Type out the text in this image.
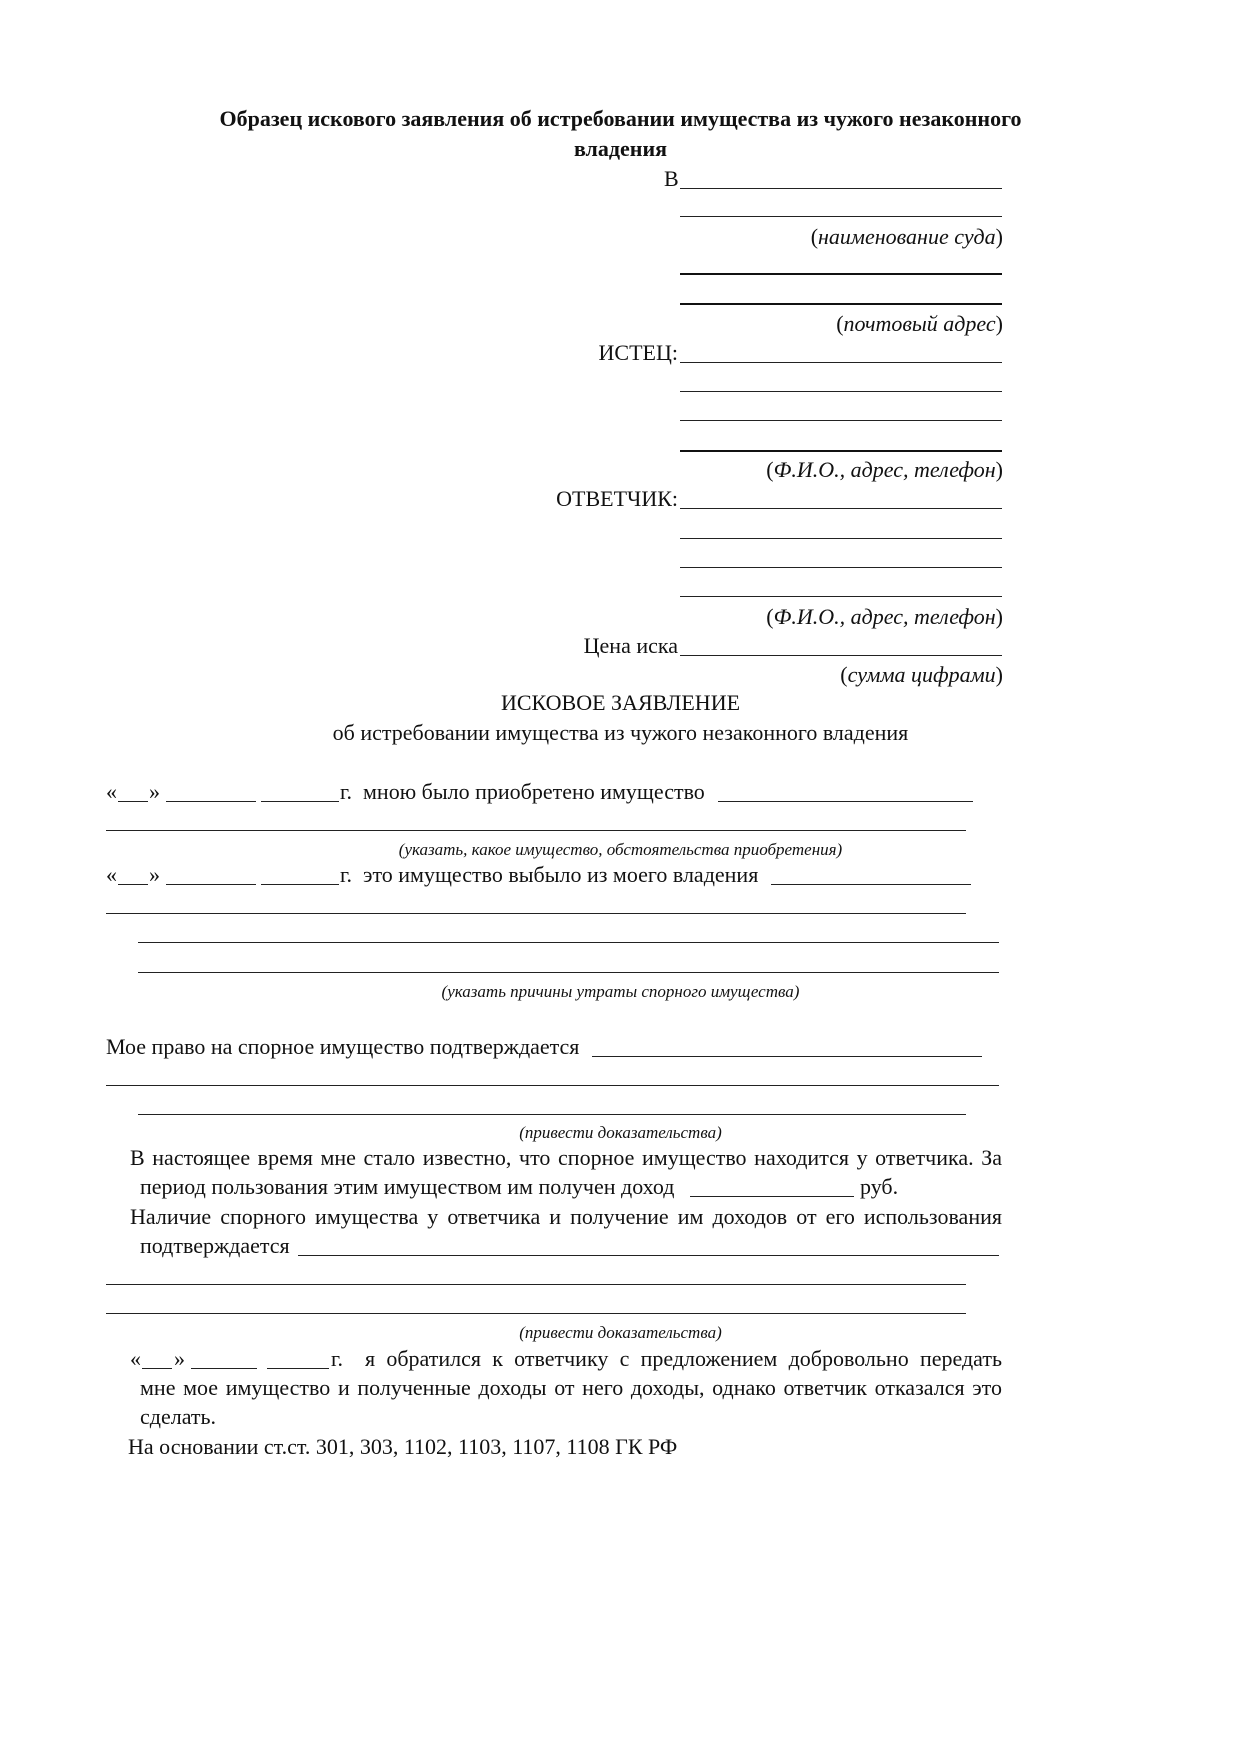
Образец искового заявления об истребовании имущества из чужого незаконного
владения
В
(наименование суда)
(почтовый адрес)
ИСТЕЦ:
(Ф.И.О., адрес, телефон)
ОТВЕТЧИК:
(Ф.И.О., адрес, телефон)
Цена иска
(сумма цифрами)
ИСКОВОЕ ЗАЯВЛЕНИЕ
об истребовании имущества из чужого незаконного владения
« »	г. мною было приобретено имущество
(указать, какое имущество, обстоятельства приобретения)
« »	г. это имущество выбыло из моего владения
(указать причины утраты спорного имущества)
Мое право на спорное имущество подтверждается
(привести доказательства)
В настоящее время мне стало известно, что спорное имущество находится у ответчика. За
период пользования этим имуществом им получен доход	руб.
Наличие спорного имущества у ответчика и получение им доходов от его использования
подтверждается
(привести доказательства)
« »	г. я обратился к ответчику с предложением добровольно передать
мне мое имущество и полученные доходы от него доходы, однако ответчик отказался это
сделать.
На основании ст.ст. 301, 303, 1102, 1103, 1107, 1108 ГК РФ
